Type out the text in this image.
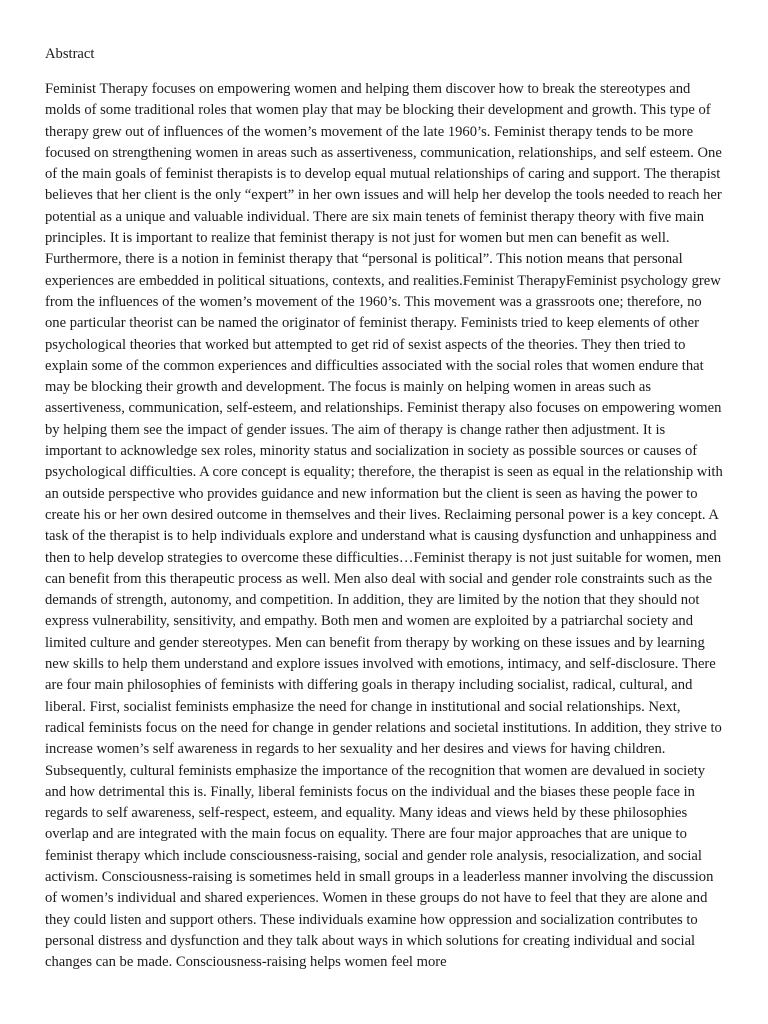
Abstract

Feminist Therapy focuses on empowering women and helping them discover how to break the stereotypes and molds of some traditional roles that women play that may be blocking their development and growth. This type of therapy grew out of influences of the women’s movement of the late 1960’s. Feminist therapy tends to be more focused on strengthening women in areas such as assertiveness, communication, relationships, and self esteem. One of the main goals of feminist therapists is to develop equal mutual relationships of caring and support. The therapist believes that her client is the only “expert” in her own issues and will help her develop the tools needed to reach her potential as a unique and valuable individual. There are six main tenets of feminist therapy theory with five main principles. It is important to realize that feminist therapy is not just for women but men can benefit as well. Furthermore, there is a notion in feminist therapy that “personal is political”. This notion means that personal experiences are embedded in political situations, contexts, and realities.Feminist TherapyFeminist psychology grew from the influences of the women’s movement of the 1960’s. This movement was a grassroots one; therefore, no one particular theorist can be named the originator of feminist therapy. Feminists tried to keep elements of other psychological theories that worked but attempted to get rid of sexist aspects of the theories. They then tried to explain some of the common experiences and difficulties associated with the social roles that women endure that may be blocking their growth and development. The focus is mainly on helping women in areas such as assertiveness, communication, self-esteem, and relationships. Feminist therapy also focuses on empowering women by helping them see the impact of gender issues. The aim of therapy is change rather then adjustment. It is important to acknowledge sex roles, minority status and socialization in society as possible sources or causes of psychological difficulties. A core concept is equality; therefore, the therapist is seen as equal in the relationship with an outside perspective who provides guidance and new information but the client is seen as having the power to create his or her own desired outcome in themselves and their lives. Reclaiming personal power is a key concept. A task of the therapist is to help individuals explore and understand what is causing dysfunction and unhappiness and then to help develop strategies to overcome these difficulties…Feminist therapy is not just suitable for women, men can benefit from this therapeutic process as well. Men also deal with social and gender role constraints such as the demands of strength, autonomy, and competition. In addition, they are limited by the notion that they should not express vulnerability, sensitivity, and empathy. Both men and women are exploited by a patriarchal society and limited culture and gender stereotypes. Men can benefit from therapy by working on these issues and by learning new skills to help them understand and explore issues involved with emotions, intimacy, and self-disclosure. There are four main philosophies of feminists with differing goals in therapy including socialist, radical, cultural, and liberal. First, socialist feminists emphasize the need for change in institutional and social relationships. Next, radical feminists focus on the need for change in gender relations and societal institutions. In addition, they strive to increase women’s self awareness in regards to her sexuality and her desires and views for having children. Subsequently, cultural feminists emphasize the importance of the recognition that women are devalued in society and how detrimental this is. Finally, liberal feminists focus on the individual and the biases these people face in regards to self awareness, self-respect, esteem, and equality. Many ideas and views held by these philosophies overlap and are integrated with the main focus on equality. There are four major approaches that are unique to feminist therapy which include consciousness-raising, social and gender role analysis, resocialization, and social activism. Consciousness-raising is sometimes held in small groups in a leaderless manner involving the discussion of women’s individual and shared experiences. Women in these groups do not have to feel that they are alone and they could listen and support others. These individuals examine how oppression and socialization contributes to personal distress and dysfunction and they talk about ways in which solutions for creating individual and social changes can be made. Consciousness-raising helps women feel more
